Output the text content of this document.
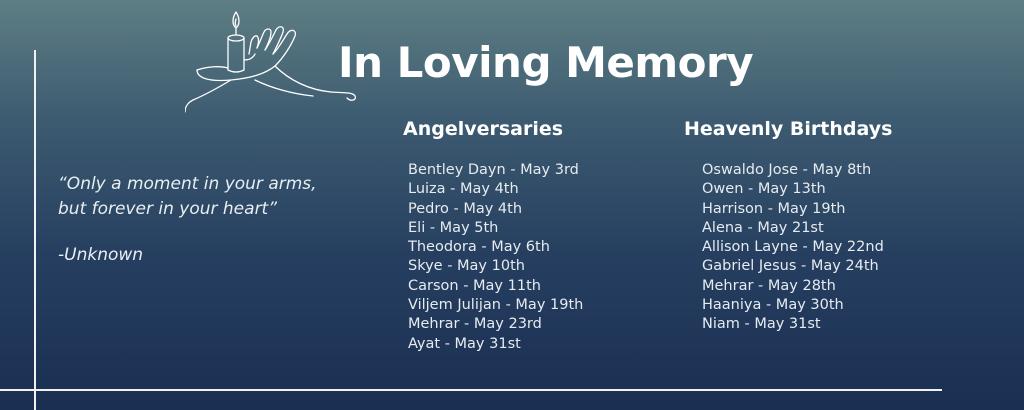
In Loving Memory
“Only a moment in your arms,
but forever in your heart”
-Unknown
Angelversaries
Bentley Dayn - May 3rd
Luiza - May 4th
Pedro - May 4th
Eli - May 5th
Theodora - May 6th
Skye - May 10th
Carson - May 11th
Viljem Julijan - May 19th
Mehrar - May 23rd
Ayat - May 31st
Heavenly Birthdays
Oswaldo Jose - May 8th
Owen - May 13th
Harrison - May 19th
Alena - May 21st
Allison Layne - May 22nd
Gabriel Jesus - May 24th
Mehrar - May 28th
Haaniya - May 30th
Niam - May 31st
